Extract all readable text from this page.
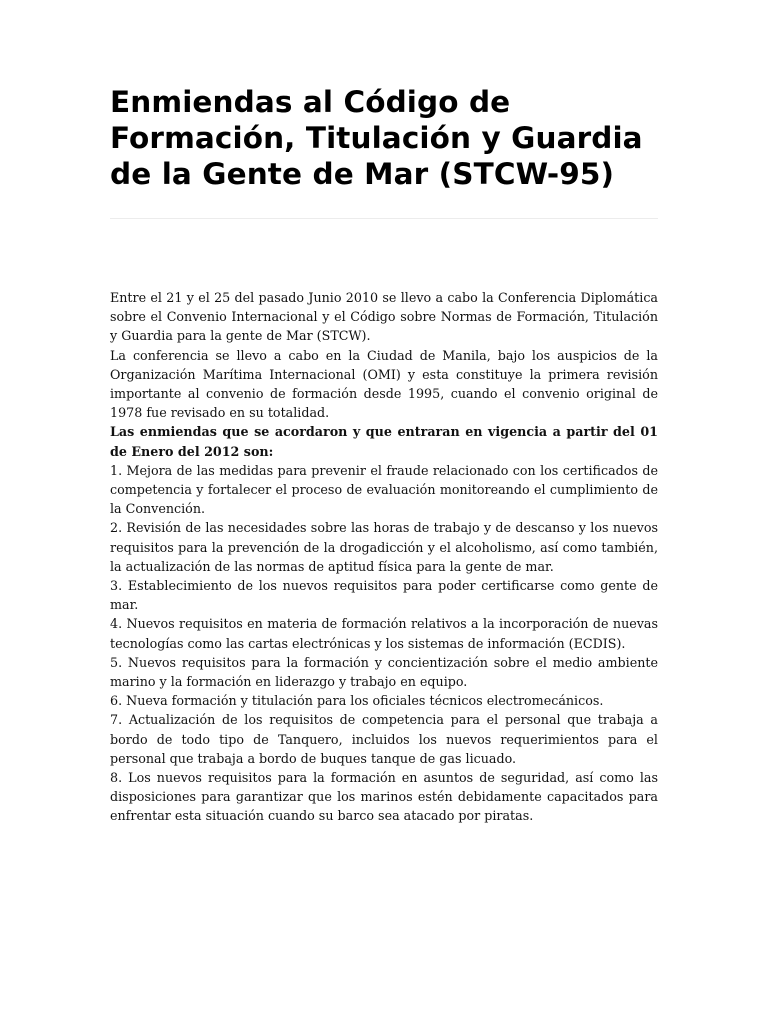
Enmiendas al Código de Formación, Titulación y Guardia de la Gente de Mar (STCW-95)

Entre el 21 y el 25 del pasado Junio 2010 se llevo a cabo la Conferencia Diplomática sobre el Convenio Internacional y el Código sobre Normas de Formación, Titulación y Guardia para la gente de Mar (STCW).

La conferencia se llevo a cabo en la Ciudad de Manila, bajo los auspicios de la Organización Marítima Internacional (OMI) y esta constituye la primera revisión importante al convenio de formación desde 1995, cuando el convenio original de 1978 fue revisado en su totalidad.

Las enmiendas que se acordaron y que entraran en vigencia a partir del 01 de Enero del 2012 son:

1. Mejora de las medidas para prevenir el fraude relacionado con los certificados de competencia y fortalecer el proceso de evaluación monitoreando el cumplimiento de la Convención.

2. Revisión de las necesidades sobre las horas de trabajo y de descanso y los nuevos requisitos para la prevención de la drogadicción y el alcoholismo, así como también, la actualización de las normas de aptitud física para la gente de mar.

3. Establecimiento de los nuevos requisitos para poder certificarse como gente de mar.

4. Nuevos requisitos en materia de formación relativos a la incorporación de nuevas tecnologías como las cartas electrónicas y los sistemas de información (ECDIS).

5. Nuevos requisitos para la formación y concientización sobre el medio ambiente marino y la formación en liderazgo y trabajo en equipo.

6. Nueva formación y titulación para los oficiales técnicos electromecánicos.

7. Actualización de los requisitos de competencia para el personal que trabaja a bordo de todo tipo de Tanquero, incluidos los nuevos requerimientos para el personal que trabaja a bordo de buques tanque de gas licuado.

8. Los nuevos requisitos para la formación en asuntos de seguridad, así como las disposiciones para garantizar que los marinos estén debidamente capacitados para enfrentar esta situación cuando su barco sea atacado por piratas.
